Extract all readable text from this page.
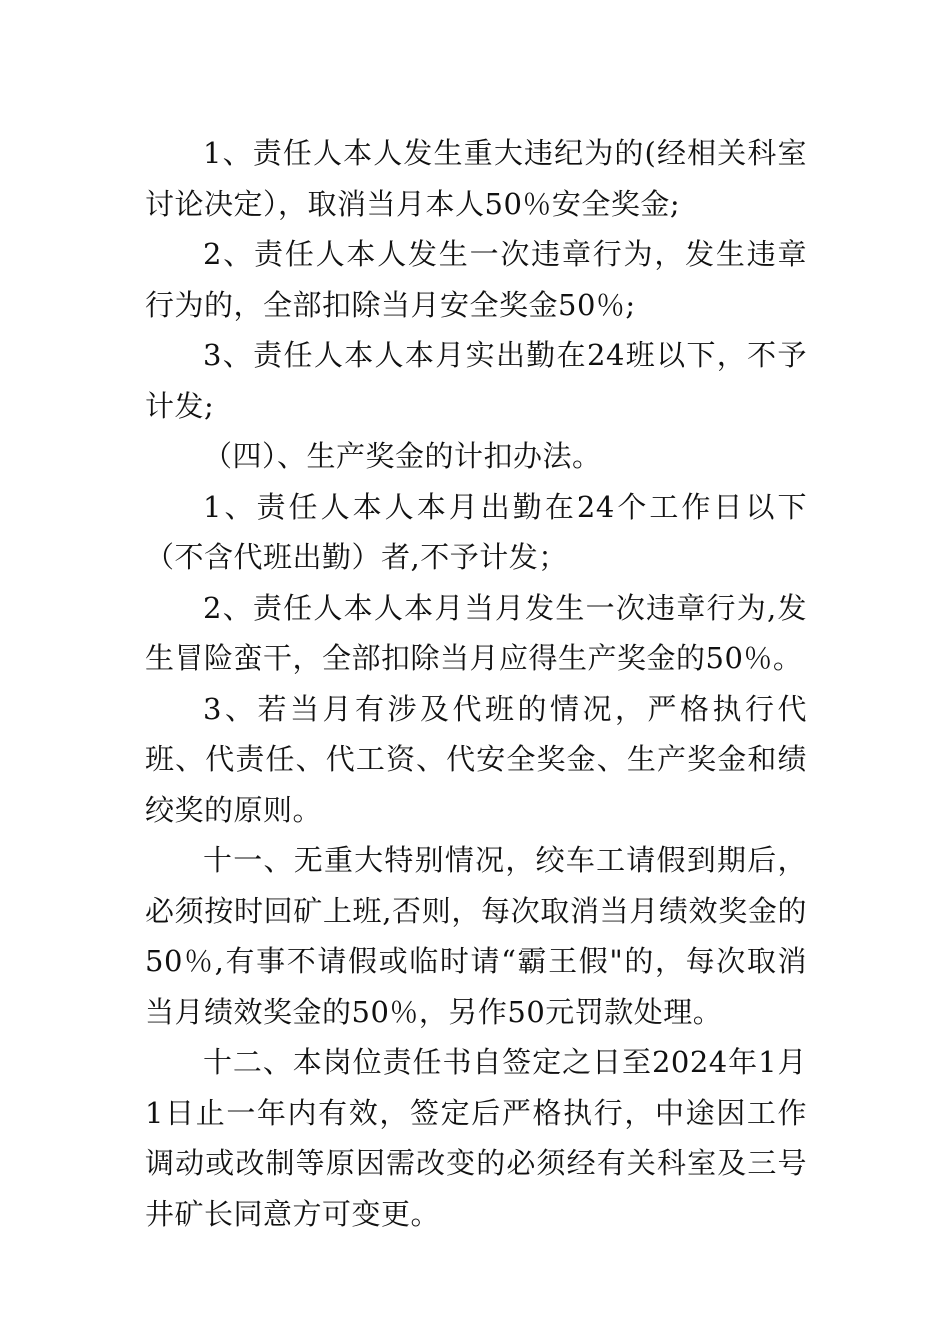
1、责任人本人发生重大违纪为的(经相关科室讨论决定），取消当月本人50％安全奖金;

2、责任人本人发生一次违章行为，发生违章行为的，全部扣除当月安全奖金50％;

3、责任人本人本月实出勤在24班以下，不予计发;

（四）、生产奖金的计扣办法。

1、责任人本人本月出勤在24个工作日以下（不含代班出勤）者,不予计发；

2、责任人本人本月当月发生一次违章行为,发生冒险蛮干，全部扣除当月应得生产奖金的50％。

3、若当月有涉及代班的情况，严格执行代班、代责任、代工资、代安全奖金、生产奖金和绩绞奖的原则。

十一、无重大特别情况，绞车工请假到期后，必须按时回矿上班,否则，每次取消当月绩效奖金的50％,有事不请假或临时请“霸王假"的，每次取消当月绩效奖金的50％，另作50元罚款处理。

十二、本岗位责任书自签定之日至2024年1月1日止一年内有效，签定后严格执行，中途因工作调动或改制等原因需改变的必须经有关科室及三号井矿长同意方可变更。
